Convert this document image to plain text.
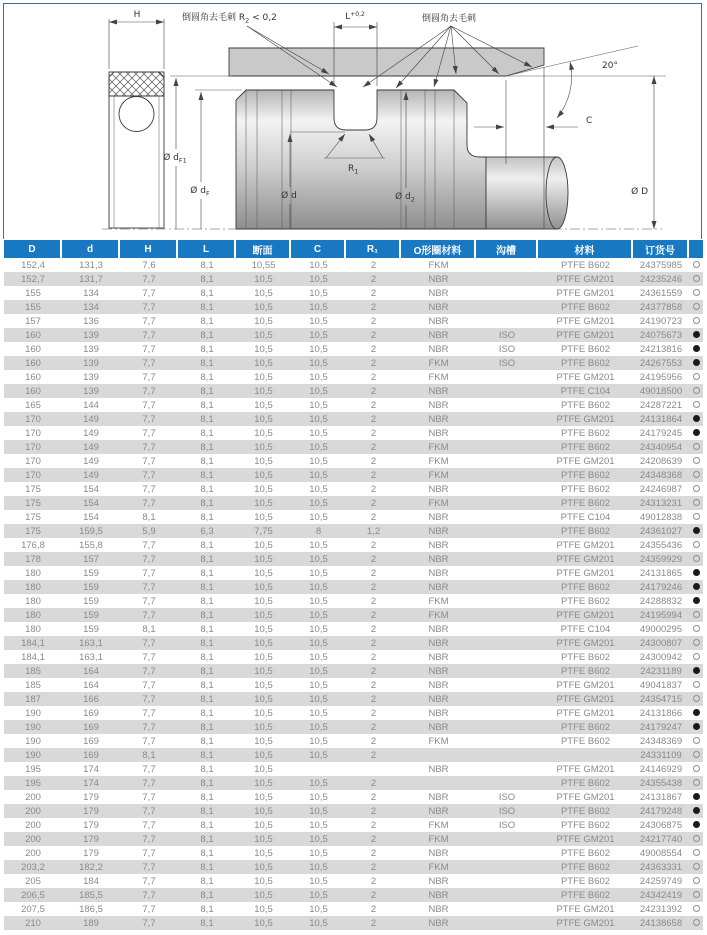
H
20°
$L^{+0,2}$
倒圆角去毛刺 $R_2 < 0,2$	倒圆角去毛刺
C
Ø D
Ø $d_{F1}$
Ø $d_F$	Ø d	Ø $d_2$
$R_1$
D	d	H	L	断面	C	R₁	O形圈材料	沟槽	材料	订货号	
152,4	131,3	7,6	8,1	10,55	10,5	2	FKM		PTFE B602	24375985	
152,7	131,7	7,7	8,1	10,5	10,5	2	NBR		PTFE GM201	24235246	
155	134	7,7	8,1	10,5	10,5	2	NBR		PTFE GM201	24361559	
155	134	7,7	8,1	10,5	10,5	2	NBR		PTFE B602	24377858	
157	136	7,7	8,1	10,5	10,5	2	NBR		PTFE GM201	24190723	
160	139	7,7	8,1	10,5	10,5	2	NBR	ISO	PTFE GM201	24075673	
160	139	7,7	8,1	10,5	10,5	2	NBR	ISO	PTFE B602	24213816	
160	139	7,7	8,1	10,5	10,5	2	FKM	ISO	PTFE B602	24267553	
160	139	7,7	8,1	10,5	10,5	2	FKM		PTFE GM201	24195956	
160	139	7,7	8,1	10,5	10,5	2	NBR		PTFE C104	49018500	
165	144	7,7	8,1	10,5	10,5	2	NBR		PTFE B602	24287221	
170	149	7,7	8,1	10,5	10,5	2	NBR		PTFE GM201	24131864	
170	149	7,7	8,1	10,5	10,5	2	NBR		PTFE B602	24179245	
170	149	7,7	8,1	10,5	10,5	2	FKM		PTFE B602	24340954	
170	149	7,7	8,1	10,5	10,5	2	FKM		PTFE GM201	24208639	
170	149	7,7	8,1	10,5	10,5	2	FKM		PTFE B602	24348368	
175	154	7,7	8,1	10,5	10,5	2	NBR		PTFE B602	24246987	
175	154	7,7	8,1	10,5	10,5	2	FKM		PTFE B602	24313231	
175	154	8,1	8,1	10,5	10,5	2	NBR		PTFE C104	49012838	
175	159,5	5,9	6,3	7,75	8	1,2	NBR		PTFE B602	24361027	
176,8	155,8	7,7	8,1	10,5	10,5	2	NBR		PTFE GM201	24355436	
178	157	7,7	8,1	10,5	10,5	2	NBR		PTFE GM201	24359929	
180	159	7,7	8,1	10,5	10,5	2	NBR		PTFE GM201	24131865	
180	159	7,7	8,1	10,5	10,5	2	NBR		PTFE B602	24179246	
180	159	7,7	8,1	10,5	10,5	2	FKM		PTFE B602	24288832	
180	159	7,7	8,1	10,5	10,5	2	FKM		PTFE GM201	24195994	
180	159	8,1	8,1	10,5	10,5	2	NBR		PTFE C104	49000295	
184,1	163,1	7,7	8,1	10,5	10,5	2	NBR		PTFE GM201	24300807	
184,1	163,1	7,7	8,1	10,5	10,5	2	NBR		PTFE B602	24300942	
185	164	7,7	8,1	10,5	10,5	2	NBR		PTFE B602	24231189	
185	164	7,7	8,1	10,5	10,5	2	NBR		PTFE GM201	49041837	
187	166	7,7	8,1	10,5	10,5	2	NBR		PTFE GM201	24354715	
190	169	7,7	8,1	10,5	10,5	2	NBR		PTFE GM201	24131866	
190	169	7,7	8,1	10,5	10,5	2	NBR		PTFE B602	24179247	
190	169	7,7	8,1	10,5	10,5	2	FKM		PTFE B602	24348369	
190	169	8,1	8,1	10,5	10,5	2				24331109	
195	174	7,7	8,1	10,5			NBR		PTFE GM201	24146929	
195	174	7,7	8,1	10,5	10,5	2			PTFE B602	24355438	
200	179	7,7	8,1	10,5	10,5	2	NBR	ISO	PTFE GM201	24131867	
200	179	7,7	8,1	10,5	10,5	2	NBR	ISO	PTFE B602	24179248	
200	179	7,7	8,1	10,5	10,5	2	FKM	ISO	PTFE B602	24306875	
200	179	7,7	8,1	10,5	10,5	2	FKM		PTFE GM201	24217740	
200	179	7,7	8,1	10,5	10,5	2	NBR		PTFE B602	49008554	
203,2	182,2	7,7	8,1	10,5	10,5	2	FKM		PTFE B602	24363331	
205	184	7,7	8,1	10,5	10,5	2	NBR		PTFE B602	24259749	
206,5	185,5	7,7	8,1	10,5	10,5	2	NBR		PTFE B602	24342419	
207,5	186,5	7,7	8,1	10,5	10,5	2	NBR		PTFE GM201	24231392	
210	189	7,7	8,1	10,5	10,5	2	NBR		PTFE GM201	24138658	
